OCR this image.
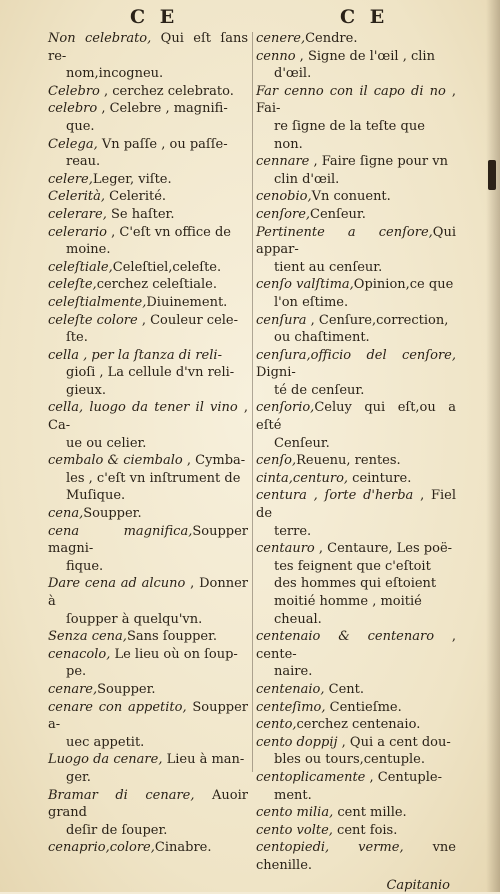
C E	C E

Non celebrato, Qui eſt ſans re-

nom,incogneu.

Celebro , cerchez celebrato.

celebro , Celebre , magnifi-

que.

Celega, Vn paſſe , ou paſſe-

reau.

celere,Leger, viſte.

Celerità, Celerité.

celerare, Se haſter.

celerario , C'eſt vn office de

moine.

celeſtiale,Celeſtiel,celeſte.

celeſte,cerchez celeſtiale.

celeſtialmente,Diuinement.

celeſte colore , Couleur cele-

ſte.

cella , per la ſtanza di reli-

gioſi , La cellule d'vn reli-

gieux.

cella, luogo da tener il vino , Ca-

ue ou celier.

cembalo & ciembalo , Cymba-

les , c'eſt vn inſtrument de

Muſique.

cena,Soupper.

cena magnifica,Soupper magni-

fique.

Dare cena ad alcuno , Donner à

ſoupper à quelqu'vn.

Senza cena,Sans ſoupper.

cenacolo, Le lieu où on ſoup-

pe.

cenare,Soupper.

cenare con appetito, Soupper a-

uec appetit.

Luogo da cenare, Lieu à man-

ger.

Bramar di cenare, Auoir grand

deſir de ſouper.

cenaprio,colore,Cinabre.

cenere,Cendre.

cenno , Signe de l'œil , clin

d'œil.

Far cenno con il capo di no , Fai-

re ſigne de la teſte que

non.

cennare , Faire ſigne pour vn

clin d'œil.

cenobio,Vn conuent.

cenſore,Cenſeur.

Pertinente a cenſore,Qui appar-

tient au cenſeur.

cenſo valſtima,Opinion,ce que

l'on eſtime.

cenſura , Cenſure,correction,

ou chaſtiment.

cenſura,officio del cenſore, Digni-

té de cenſeur.

cenſorio,Celuy qui eſt,ou a eſté

Cenſeur.

cenſo,Reuenu, rentes.

cinta,centuro, ceinture.

centura , ſorte d'herba , Fiel de

terre.

centauro , Centaure, Les poë-

tes feignent que c'eſtoit

des hommes qui eſtoient

moitié homme , moitié

cheual.

centenaio & centenaro , cente-

naire.

centenaio, Cent.

centeſimo, Centieſme.

cento,cerchez centenaio.

cento doppij , Qui a cent dou-

bles ou tours,centuple.

centoplicamente , Centuple-

ment.

cento milia, cent mille.

cento volte, cent fois.

centopiedi, verme, vne chenille.

Capitanio
